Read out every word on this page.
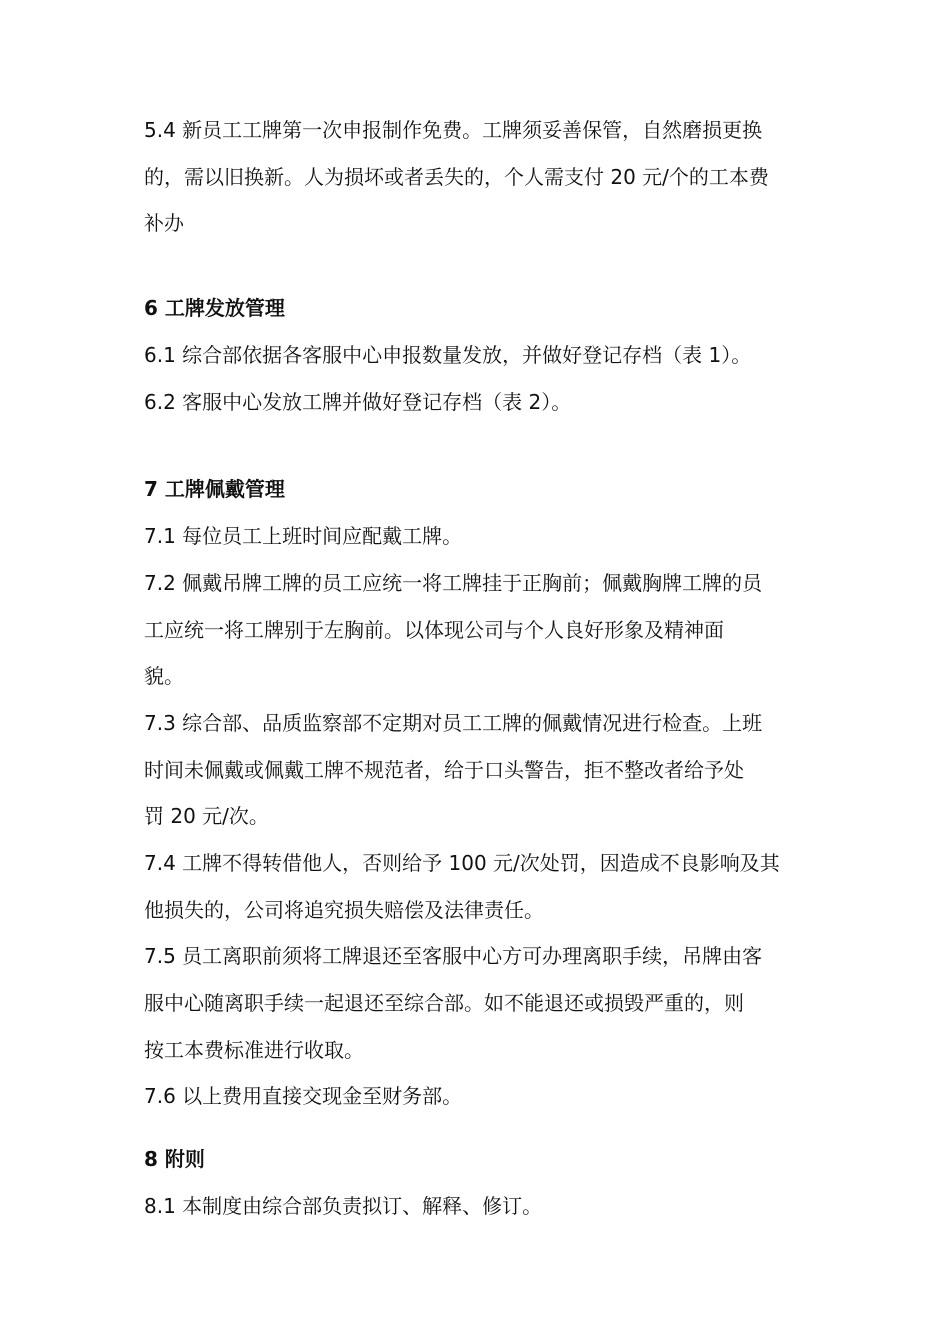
5.4 新员工工牌第一次申报制作免费。工牌须妥善保管，自然磨损更换
的，需以旧换新。人为损坏或者丢失的，个人需支付 20 元/个的工本费
补办
6 工牌发放管理
6.1 综合部依据各客服中心申报数量发放，并做好登记存档（表 1）。
6.2 客服中心发放工牌并做好登记存档（表 2）。
7 工牌佩戴管理
7.1 每位员工上班时间应配戴工牌。
7.2 佩戴吊牌工牌的员工应统一将工牌挂于正胸前；佩戴胸牌工牌的员
工应统一将工牌别于左胸前。以体现公司与个人良好形象及精神面
貌。
7.3 综合部、品质监察部不定期对员工工牌的佩戴情况进行检查。上班
时间未佩戴或佩戴工牌不规范者，给于口头警告，拒不整改者给予处
罚 20 元/次。
7.4 工牌不得转借他人，否则给予 100 元/次处罚，因造成不良影响及其
他损失的，公司将追究损失赔偿及法律责任。
7.5 员工离职前须将工牌退还至客服中心方可办理离职手续，吊牌由客
服中心随离职手续一起退还至综合部。如不能退还或损毁严重的，则
按工本费标准进行收取。
7.6 以上费用直接交现金至财务部。
8 附则
8.1 本制度由综合部负责拟订、解释、修订。
